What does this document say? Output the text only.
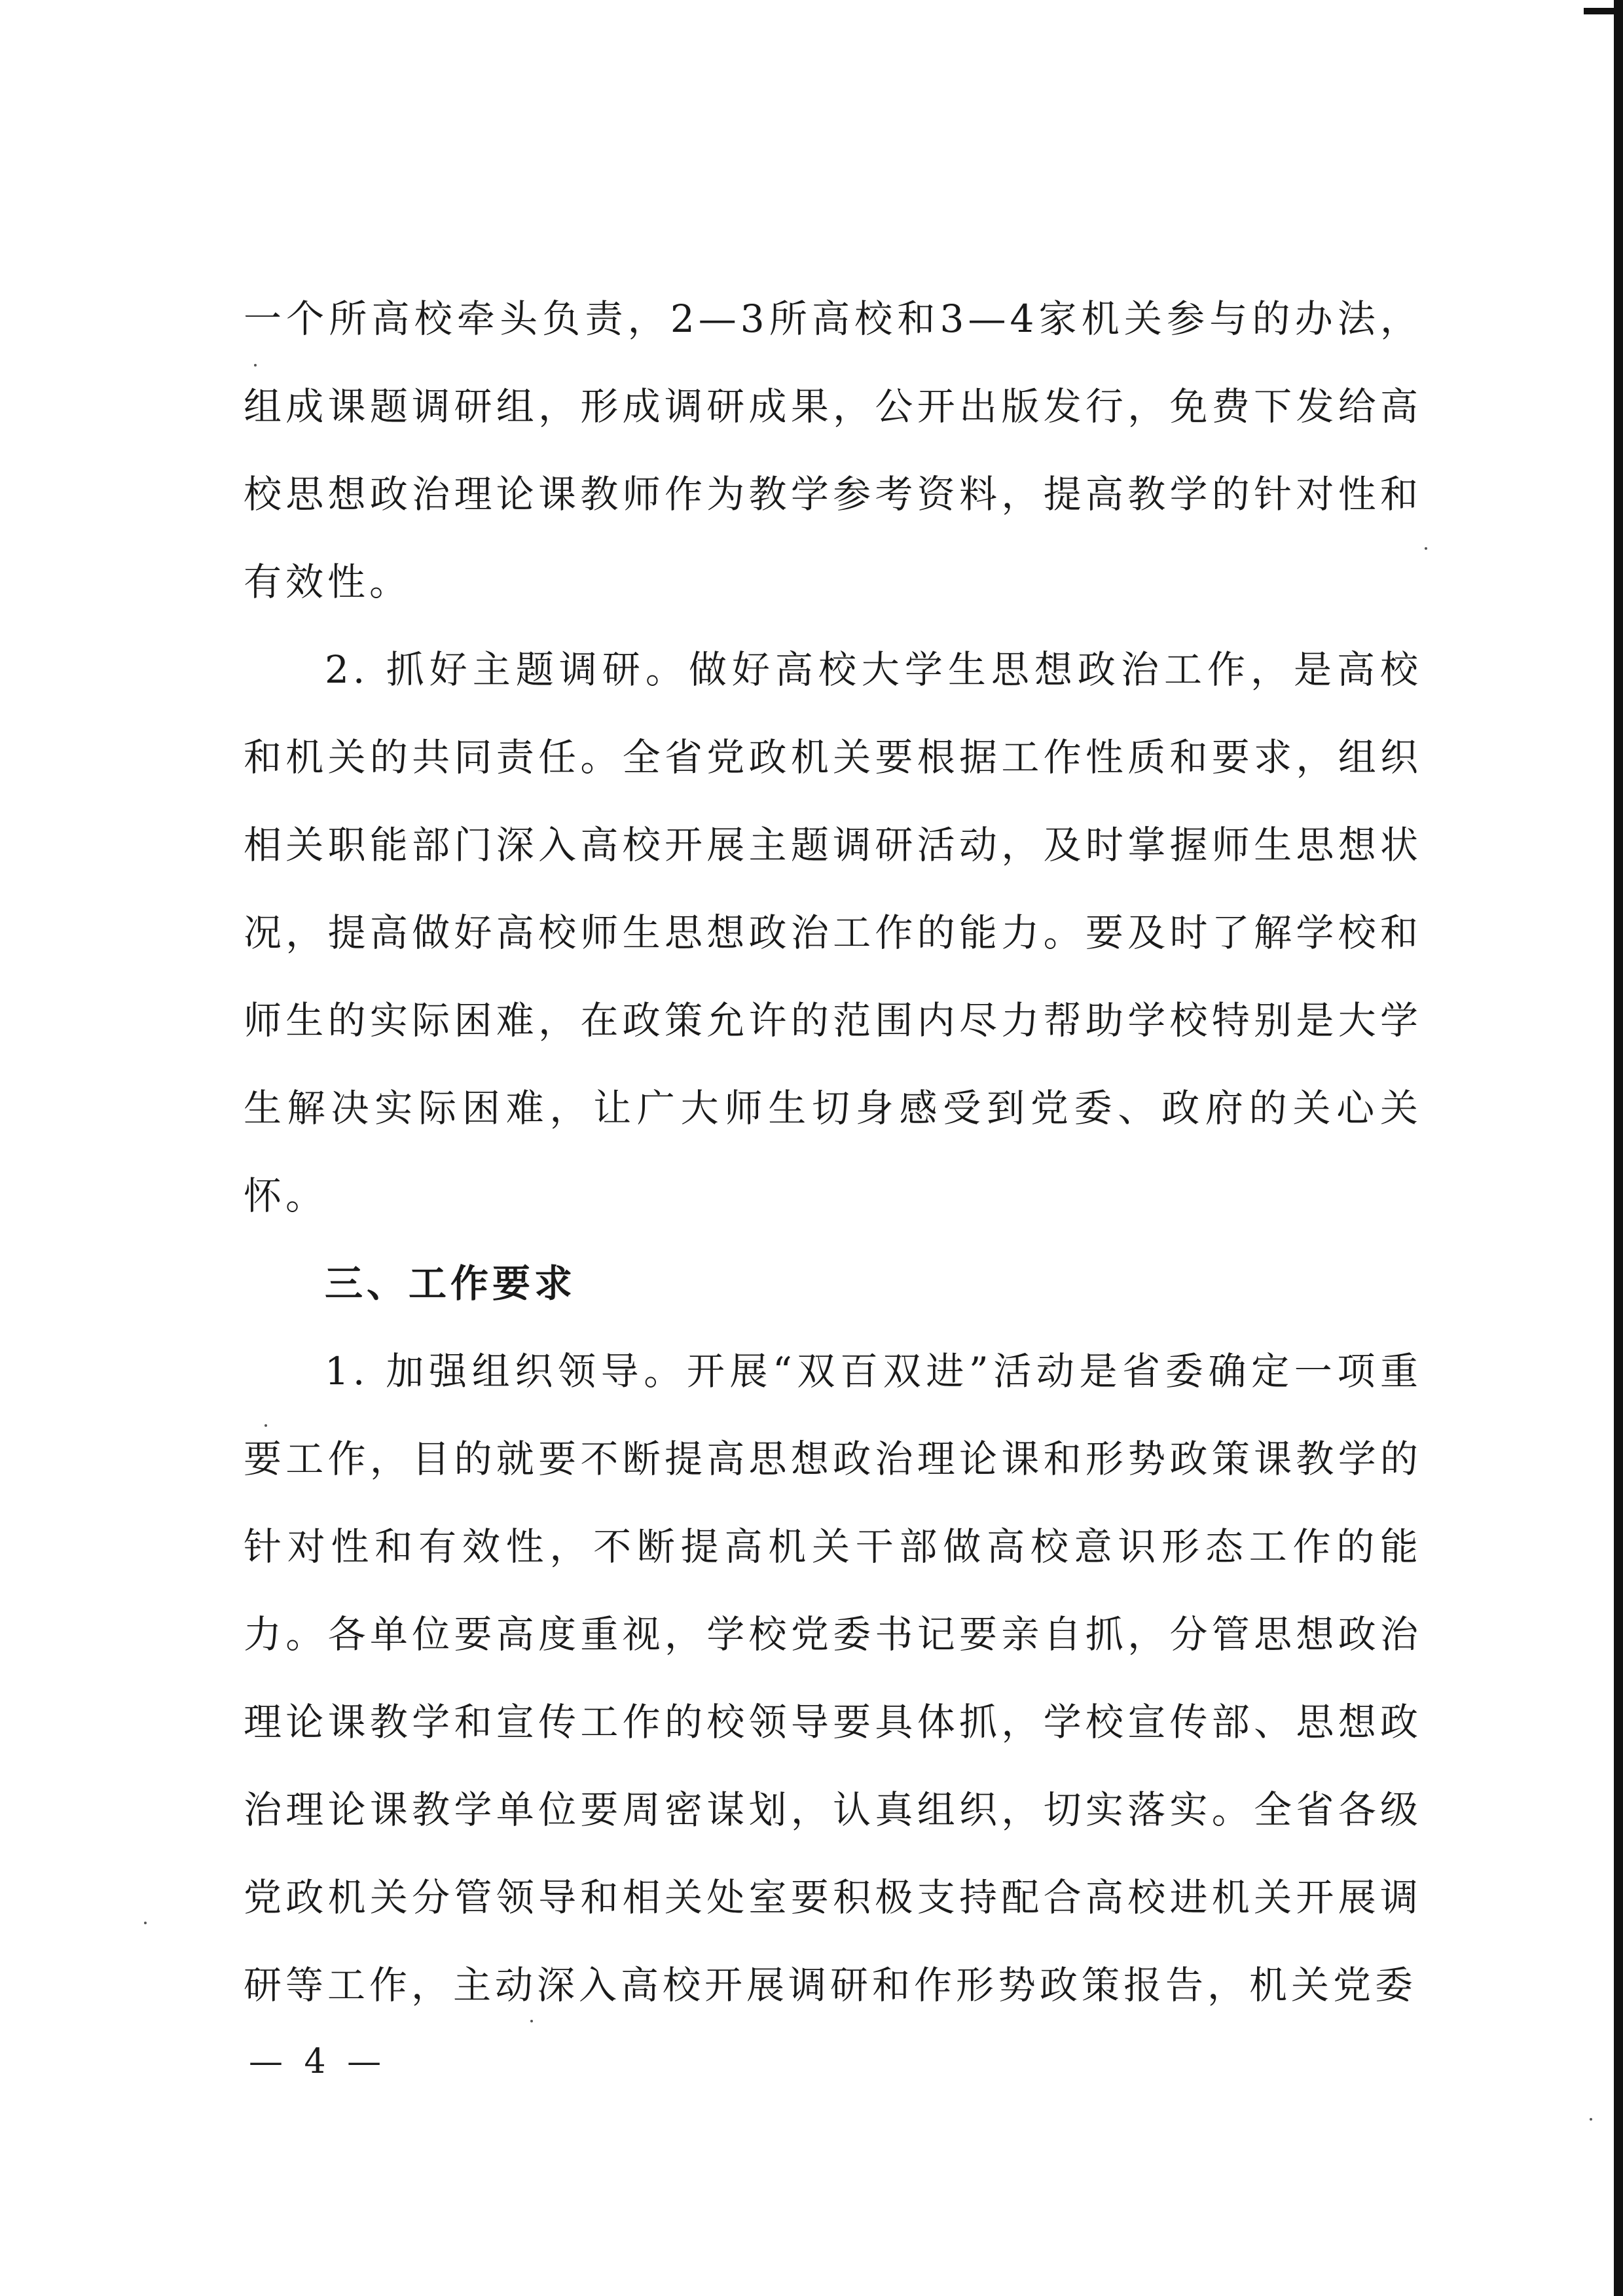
一个所高校牵头负责，2—3所高校和3—4家机关参与的办法，组成课题调研组，形成调研成果，公开出版发行，免费下发给高校思想政治理论课教师作为教学参考资料，提高教学的针对性和有效性。

2. 抓好主题调研。做好高校大学生思想政治工作，是高校和机关的共同责任。全省党政机关要根据工作性质和要求，组织相关职能部门深入高校开展主题调研活动，及时掌握师生思想状况，提高做好高校师生思想政治工作的能力。要及时了解学校和师生的实际困难，在政策允许的范围内尽力帮助学校特别是大学生解决实际困难，让广大师生切身感受到党委、政府的关心关怀。

三、工作要求

1. 加强组织领导。开展“双百双进”活动是省委确定一项重要工作，目的就要不断提高思想政治理论课和形势政策课教学的针对性和有效性，不断提高机关干部做高校意识形态工作的能力。各单位要高度重视，学校党委书记要亲自抓，分管思想政治理论课教学和宣传工作的校领导要具体抓，学校宣传部、思想政治理论课教学单位要周密谋划，认真组织，切实落实。全省各级党政机关分管领导和相关处室要积极支持配合高校进机关开展调研等工作，主动深入高校开展调研和作形势政策报告，机关党委

— 4 —
